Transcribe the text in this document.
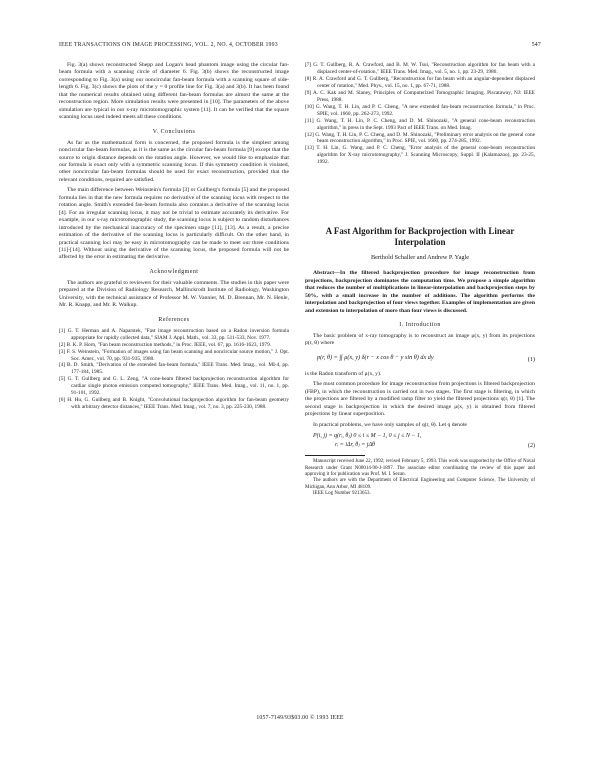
IEEE TRANSACTIONS ON IMAGE PROCESSING, VOL. 2, NO. 4, OCTOBER 1993	547

Fig. 3(a) shows reconstructed Shepp and Logan's head phantom image using the circular fan-beam formula with a scanning circle of diameter 6. Fig. 3(b) shows the reconstructed image corresponding to Fig. 3(a) using our noncircular fan-beam formula with a scanning square of side-length 6. Fig. 3(c) shows the plots of the y = 0 profile line for Fig. 3(a) and 3(b). It has been found that the numerical results obtained using different fan-beam formulas are almost the same at the reconstruction region. More simulation results were presented in [10]. The parameters of the above simulation are typical in our x-ray microtomographic system [11]. It can be verified that the square scanning locus used indeed meets all these conditions.

V. Conclusions

As far as the mathematical form is concerned, the proposed formula is the simplest among noncircular fan-beam formulas, as it is the same as the circular fan-beam formula [9] except that the source to origin distance depends on the rotation angle. However, we would like to emphasize that our formula is exact only with a symmetric scanning locus. If this symmetry condition is violated, other noncircular fan-beam formulas should be used for exact reconstruction, provided that the relevant conditions, required are satisfied.

The main difference between Weinstein's formula [3] or Gullberg's formula [5] and the proposed formula lies in that the new formula requires no derivative of the scanning locus with respect to the rotation angle. Smith's extended fan-beam formula also contains a derivative of the scanning locus [4]. For an irregular scanning locus, it may not be trivial to estimate accurately its derivative. For example, in our x-ray microtomographic study, the scanning locus is subject to random disturbances introduced by the mechanical inaccuracy of the specimen stage [11], [13]. As a result, a precise estimation of the derivative of the scanning locus is particularly difficult. On the other hand, in practical scanning loci may be easy in microtomography can be made to meet our three conditions [11]-[14]. Without using the derivative of the scanning locus, the proposed formula will not be affected by the error in estimating the derivative.

Acknowledgment

The authors are grateful to reviewers for their valuable comments. The studies in this paper were prepared at the Division of Radiology Research, Mallinckrodt Institute of Radiology, Washington University, with the technical assistance of Professor M. W. Vannier, M. D. Brennan, Mr. N. Henle, Mr. R. Knapp, and Mr. R. Walkup.

References
[1] G. T. Herman and A. Naparstek, "Fast image reconstruction based on a Radon inversion formula appropriate for rapidly collected data," SIAM J. Appl. Math., vol. 33, pp. 511-533, Nov. 1977.
[2] B. K. P. Horn, "Fan beam reconstruction methods," in Proc. IEEE, vol. 67, pp. 1616-1623, 1979.
[3] F. S. Weinstein, "Formation of images using fan beam scanning and noncircular source motion," J. Opt. Soc. Amer., vol. 70, pp. 931-935, 1980.
[4] B. D. Smith, "Derivation of the extended fan-beam formula," IEEE Trans. Med. Imag., vol. MI-4, pp. 177-184, 1985.
[5] G. T. Gullberg and G. L. Zeng, "A cone-beam filtered backprojection reconstruction algorithm for cardiac single photon emission computed tomography," IEEE Trans. Med. Imag., vol. 11, no. 1, pp. 91-101, 1992.
[6] H. Hu, G. Gullberg and B. Knight, "Convolutional backprojection algorithm for fan-beam geometry with arbitrary detector distances," IEEE Trans. Med. Imag., vol. 7, no. 3, pp. 225-230, 1988.
[7] G. T. Gullberg, R. A. Crawford, and B. M. W. Tsui, "Reconstruction algorithm for fan beam with a displaced center-of-rotation," IEEE Trans. Med. Imag., vol. 5, no. 1, pp. 23-29, 1986.
[8] R. A. Crawford and G. T. Gullberg, "Reconstruction for fan beam with an angular-dependent displaced center of rotation," Med. Phys., vol. 15, no. 1, pp. 67-71, 1988.
[9] A. C. Kak and M. Slaney, Principles of Computerized Tomographic Imaging. Piscataway, NJ: IEEE Press, 1988.
[10] G. Wang, T. H. Lin, and P. C. Cheng, "A new extended fan-beam reconstruction formula," in Proc. SPIE, vol. 1660, pp. 262-273, 1992.
[11] G. Wang, T. H. Lin, P. C. Cheng, and D. M. Shinozaki, "A general cone-beam reconstruction algorithm," in press in the Sept. 1993 Pact of IEEE Trans. on Med. Imag.
[12] G. Wang, T. H. Lin, P. C. Cheng, and D. M. Shinozaki, "Preliminary error analysis on the general cone beam reconstruction algorithm," in Proc. SPIE, vol. 1660, pp. 274-285, 1992.
[13] T. H. Lin, G. Wang, and P. C. Cheng, "Error analysis of the general cone-beam reconstruction algorithm for X-ray microtomography," J. Scanning Microscopy, Suppl. II (Kalamazoo), pp. 23-25, 1992.
A Fast Algorithm for Backprojection with Linear Interpolation
Berthold Schaller and Andrew P. Yagle
Abstract—In the filtered backprojection procedure for image reconstruction from projections, backprojection dominates the computation time. We propose a simple algorithm that reduces the number of multiplications in linear-interpolation and backprojection steps by 50%, with a small increase in the number of additions. The algorithm performs the interpolation and backprojection of four views together. Examples of implementation are given and extension to interpolation of more than four views is discussed.
I. Introduction

The basic problem of x-ray tomography is to reconstruct an image μ(x, y) from its projections p(r, θ) where

p(r, θ) = ∫∫ μ(x, y) δ(r − x cos θ − y sin θ) dx dy	(1)

is the Radon transform of μ(x, y).

The most common procedure for image reconstruction from projections is filtered backprojection (FBP), in which the reconstruction is carried out in two stages. The first stage is filtering, in which the projections are filtered by a modified ramp filter to yield the filtered projections q(r, θ) [1]. The second stage is backprojection in which the desired image μ(x, y) is obtained from filtered projections by linear superposition.

In practical problems, we have only samples of q(r, θ). Let q denote

P(i, j) = q(rᵢ, θⱼ) 0 ≤ i ≤ M − 1, 0 ≤ j ≤ N − 1,
rᵢ = iΔr, θⱼ = jΔθ	(2)

Manuscript received June 22, 1992; revised February 5, 1993. This work was supported by the Office of Naval Research under Grant N00014-90-J-1897. The associate editor coordinating the review of this paper and approving it for publication was Prof. M. I. Sezan.

The authors are with the Department of Electrical Engineering and Computer Science, The University of Michigan, Ann Arbor, MI 48109.

IEEE Log Number 9213653.

1057-7149/93$03.00 © 1993 IEEE
